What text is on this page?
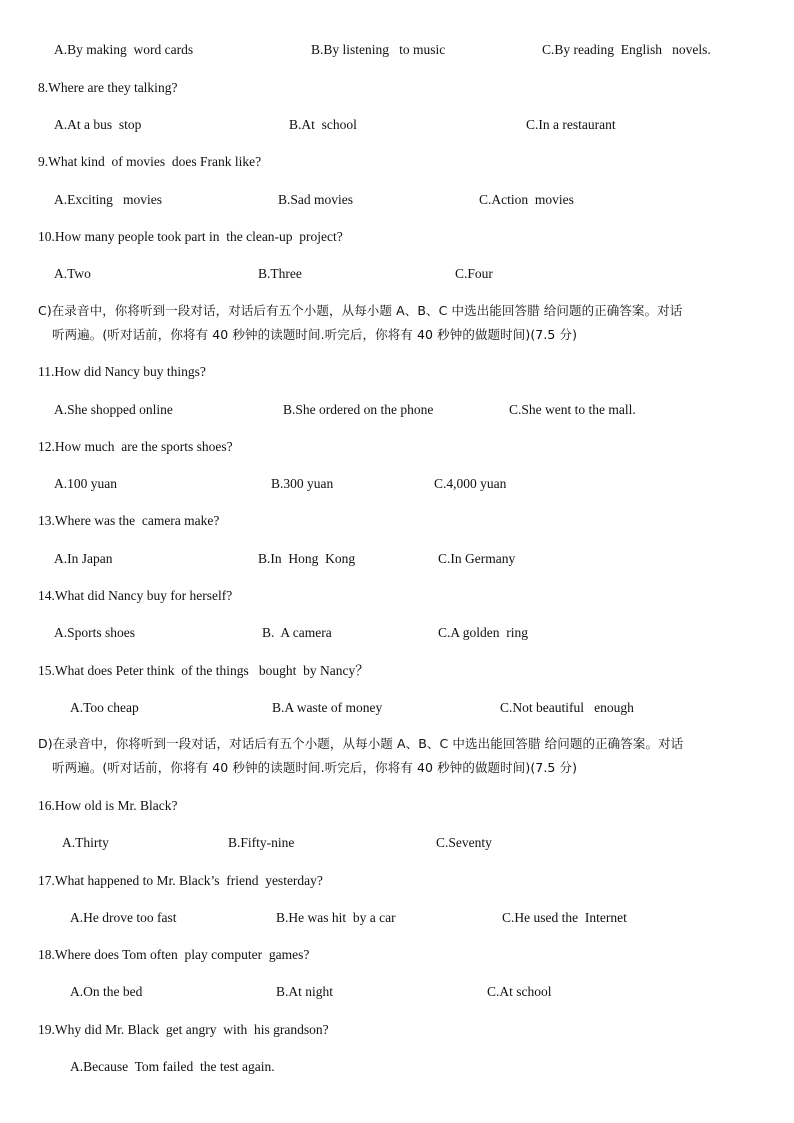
A.By making  word cards	B.By listening   to music	C.By reading  English   novels.
8.Where are they talking?
A.At a bus  stop	B.At  school	C.In a restaurant
9.What kind  of movies  does Frank like?
A.Exciting   movies	B.Sad movies	C.Action  movies
10.How many people took part in  the clean-up  project?
A.Two	B.Three	C.Four
C)在录音中，你将听到一段对话，对话后有五个小题，从每小题 A、B、C 中选出能回答腊 给问题的正确答案。对话
听两遍。(听对话前，你将有 40 秒钟的读题时间.听完后，你将有 40 秒钟的做题时间)(7.5 分)
11.How did Nancy buy things?
A.She shopped online	B.She ordered on the phone	C.She went to the mall.
12.How much  are the sports shoes?
A.100 yuan	B.300 yuan	C.4,000 yuan
13.Where was the  camera make?
A.In Japan	B.In  Hong  Kong	C.In Germany
14.What did Nancy buy for herself?
A.Sports shoes	B.  A camera	C.A golden  ring
15.What does Peter think  of the things   bought  by Nancy？
A.Too cheap	B.A waste of money	C.Not beautiful   enough
D)在录音中，你将听到一段对话，对话后有五个小题，从每小题 A、B、C 中选出能回答腊 给问题的正确答案。对话
听两遍。(听对话前，你将有 40 秒钟的读题时间.听完后，你将有 40 秒钟的做题时间)(7.5 分)
16.How old is Mr. Black?
A.Thirty	B.Fifty-nine	C.Seventy
17.What happened to Mr. Black’s  friend  yesterday?
A.He drove too fast	B.He was hit  by a car	C.He used the  Internet
18.Where does Tom often  play computer  games?
A.On the bed	B.At night	C.At school
19.Why did Mr. Black  get angry  with  his grandson?
A.Because  Tom failed  the test again.
